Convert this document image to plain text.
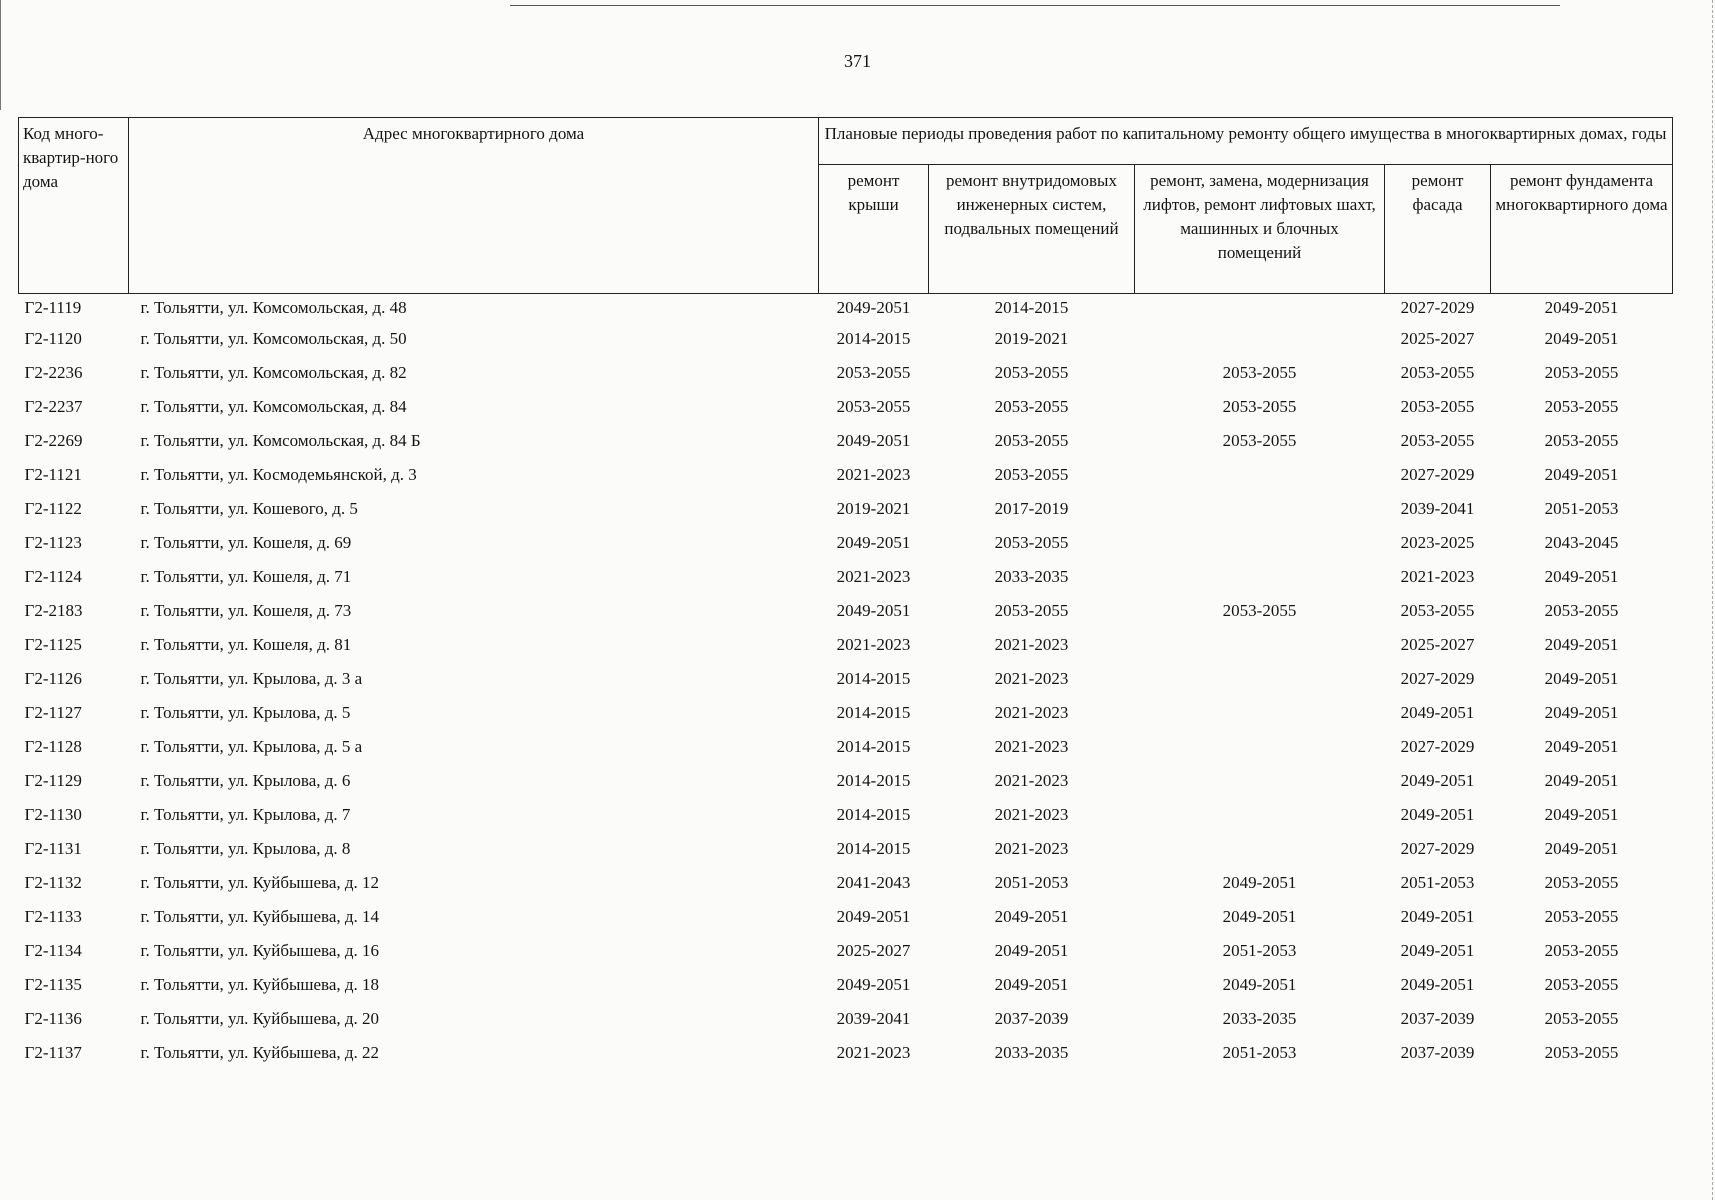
371
Код много-квартир-ного дома	Адрес многоквартирного дома	Плановые периоды проведения работ по капитальному ремонту общего имущества в многоквартирных домах, годы				
		ремонт крыши	ремонт внутридомовых инженерных систем, подвальных помещений	ремонт, замена, модернизация лифтов, ремонт лифтовых шахт, машинных и блочных помещений	ремонт фасада	ремонт фундамента многоквартирного дома
Г2-1119	г. Тольятти, ул. Комсомольская, д. 48	2049-2051	2014-2015		2027-2029	2049-2051
Г2-1120	г. Тольятти, ул. Комсомольская, д. 50	2014-2015	2019-2021		2025-2027	2049-2051
Г2-2236	г. Тольятти, ул. Комсомольская, д. 82	2053-2055	2053-2055	2053-2055	2053-2055	2053-2055
Г2-2237	г. Тольятти, ул. Комсомольская, д. 84	2053-2055	2053-2055	2053-2055	2053-2055	2053-2055
Г2-2269	г. Тольятти, ул. Комсомольская, д. 84 Б	2049-2051	2053-2055	2053-2055	2053-2055	2053-2055
Г2-1121	г. Тольятти, ул. Космодемьянской, д. 3	2021-2023	2053-2055		2027-2029	2049-2051
Г2-1122	г. Тольятти, ул. Кошевого, д. 5	2019-2021	2017-2019		2039-2041	2051-2053
Г2-1123	г. Тольятти, ул. Кошеля, д. 69	2049-2051	2053-2055		2023-2025	2043-2045
Г2-1124	г. Тольятти, ул. Кошеля, д. 71	2021-2023	2033-2035		2021-2023	2049-2051
Г2-2183	г. Тольятти, ул. Кошеля, д. 73	2049-2051	2053-2055	2053-2055	2053-2055	2053-2055
Г2-1125	г. Тольятти, ул. Кошеля, д. 81	2021-2023	2021-2023		2025-2027	2049-2051
Г2-1126	г. Тольятти, ул. Крылова, д. 3 а	2014-2015	2021-2023		2027-2029	2049-2051
Г2-1127	г. Тольятти, ул. Крылова, д. 5	2014-2015	2021-2023		2049-2051	2049-2051
Г2-1128	г. Тольятти, ул. Крылова, д. 5 а	2014-2015	2021-2023		2027-2029	2049-2051
Г2-1129	г. Тольятти, ул. Крылова, д. 6	2014-2015	2021-2023		2049-2051	2049-2051
Г2-1130	г. Тольятти, ул. Крылова, д. 7	2014-2015	2021-2023		2049-2051	2049-2051
Г2-1131	г. Тольятти, ул. Крылова, д. 8	2014-2015	2021-2023		2027-2029	2049-2051
Г2-1132	г. Тольятти, ул. Куйбышева, д. 12	2041-2043	2051-2053	2049-2051	2051-2053	2053-2055
Г2-1133	г. Тольятти, ул. Куйбышева, д. 14	2049-2051	2049-2051	2049-2051	2049-2051	2053-2055
Г2-1134	г. Тольятти, ул. Куйбышева, д. 16	2025-2027	2049-2051	2051-2053	2049-2051	2053-2055
Г2-1135	г. Тольятти, ул. Куйбышева, д. 18	2049-2051	2049-2051	2049-2051	2049-2051	2053-2055
Г2-1136	г. Тольятти, ул. Куйбышева, д. 20	2039-2041	2037-2039	2033-2035	2037-2039	2053-2055
Г2-1137	г. Тольятти, ул. Куйбышева, д. 22	2021-2023	2033-2035	2051-2053	2037-2039	2053-2055
